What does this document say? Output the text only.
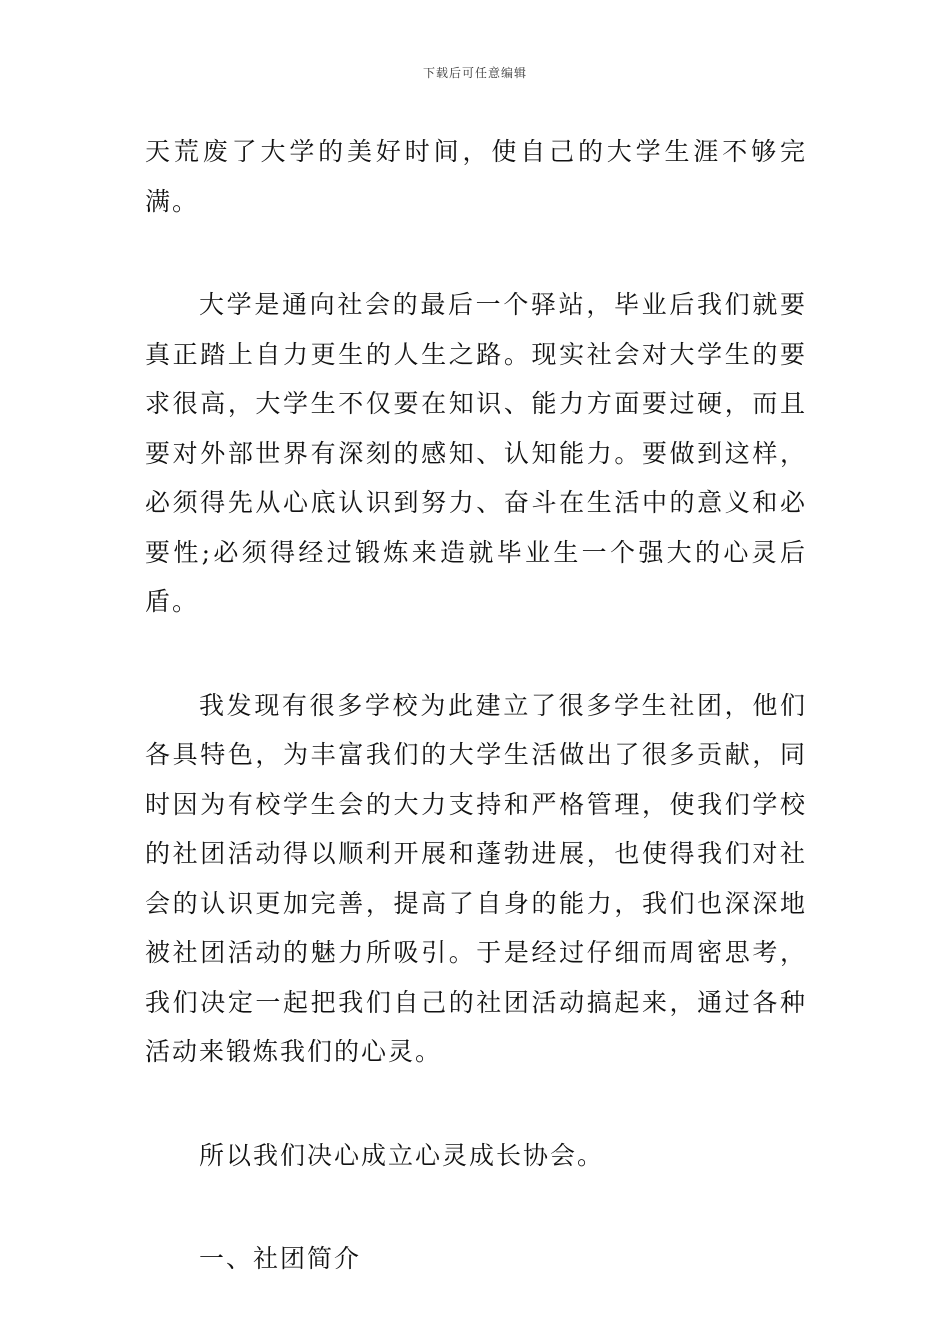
下载后可任意编辑

天荒废了大学的美好时间，使自己的大学生涯不够完满。

大学是通向社会的最后一个驿站，毕业后我们就要真正踏上自力更生的人生之路。现实社会对大学生的要求很高，大学生不仅要在知识、能力方面要过硬，而且要对外部世界有深刻的感知、认知能力。要做到这样，必须得先从心底认识到努力、奋斗在生活中的意义和必要性;必须得经过锻炼来造就毕业生一个强大的心灵后盾。

我发现有很多学校为此建立了很多学生社团，他们各具特色，为丰富我们的大学生活做出了很多贡献，同时因为有校学生会的大力支持和严格管理，使我们学校的社团活动得以顺利开展和蓬勃进展，也使得我们对社会的认识更加完善，提高了自身的能力，我们也深深地被社团活动的魅力所吸引。于是经过仔细而周密思考，我们决定一起把我们自己的社团活动搞起来，通过各种活动来锻炼我们的心灵。

所以我们决心成立心灵成长协会。

一、社团简介
